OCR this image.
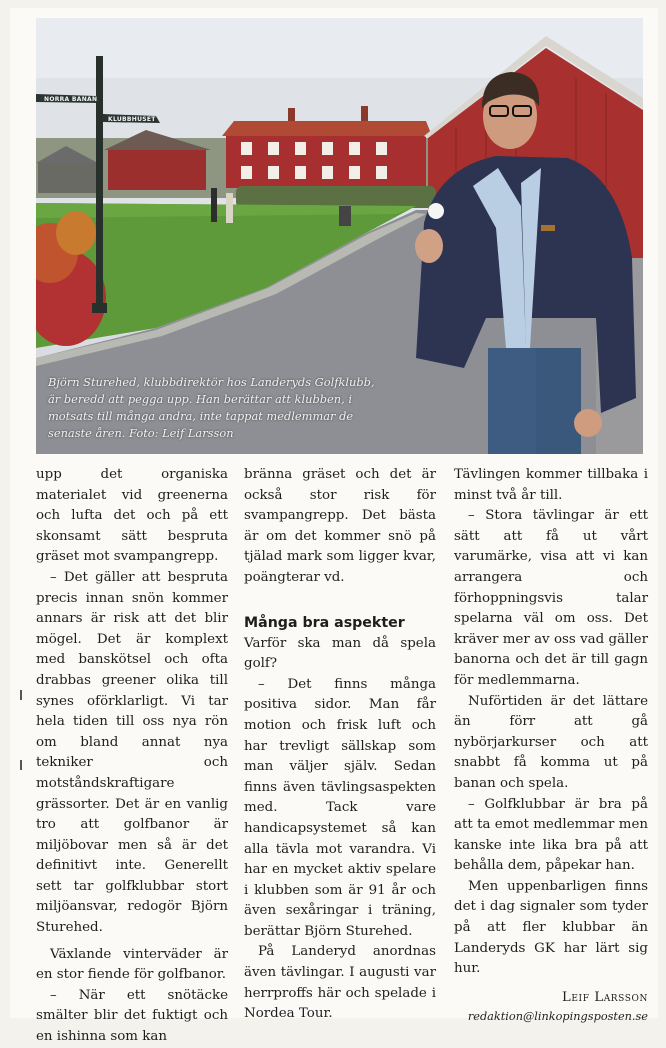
NORRA BANAN
KLUBBHUSET
Björn Sturehed, klubbdirektör hos Landeryds Golfklubb, är beredd att pegga upp. Han berättar att klubben, i motsats till många andra, inte tappat medlemmar de senaste åren. Foto: Leif Larsson

upp det organiska materialet vid greenerna och lufta det och på ett skonsamt sätt bespruta gräset mot svampangrepp.

– Det gäller att bespruta precis innan snön kommer annars är risk att det blir mögel. Det är komplext med banskötsel och ofta drabbas greener olika till synes oförklarligt. Vi tar hela tiden till oss nya rön om bland annat nya tekniker och motståndskraftigare grässorter. Det är en vanlig tro att golfbanor är miljöbovar men så är det definitivt inte. Generellt sett tar golfklubbar stort miljöansvar, redogör Björn Sturehed.

Växlande vinterväder är en stor fiende för golfbanor.

– När ett snötäcke smälter blir det fuktigt och en ishinna som kan

bränna gräset och det är också stor risk för svampangrepp. Det bästa är om det kommer snö på tjälad mark som ligger kvar, poängterar vd.

Många bra aspekter

Varför ska man då spela golf?

– Det finns många positiva sidor. Man får motion och frisk luft och har trevligt sällskap som man väljer själv. Sedan finns även tävlingsaspekten med. Tack vare handicapsystemet så kan alla tävla mot varandra. Vi har en mycket aktiv spelare i klubben som är 91 år och även sexåringar i träning, berättar Björn Sturehed.

På Landeryd anordnas även tävlingar. I augusti var herrproffs här och spelade i Nordea Tour.

Tävlingen kommer tillbaka i minst två år till.

– Stora tävlingar är ett sätt att få ut vårt varumärke, visa att vi kan arrangera och förhoppningsvis talar spelarna väl om oss. Det kräver mer av oss vad gäller banorna och det är till gagn för medlemmarna.

Nuförtiden är det lättare än förr att gå nybörjarkurser och att snabbt få komma ut på banan och spela.

– Golfklubbar är bra på att ta emot medlemmar men kanske inte lika bra på att behålla dem, påpekar han.

Men uppenbarligen finns det i dag signaler som tyder på att fler klubbar än Landeryds GK har lärt sig hur.

Leif Larsson
redaktion@linkopingsposten.se
